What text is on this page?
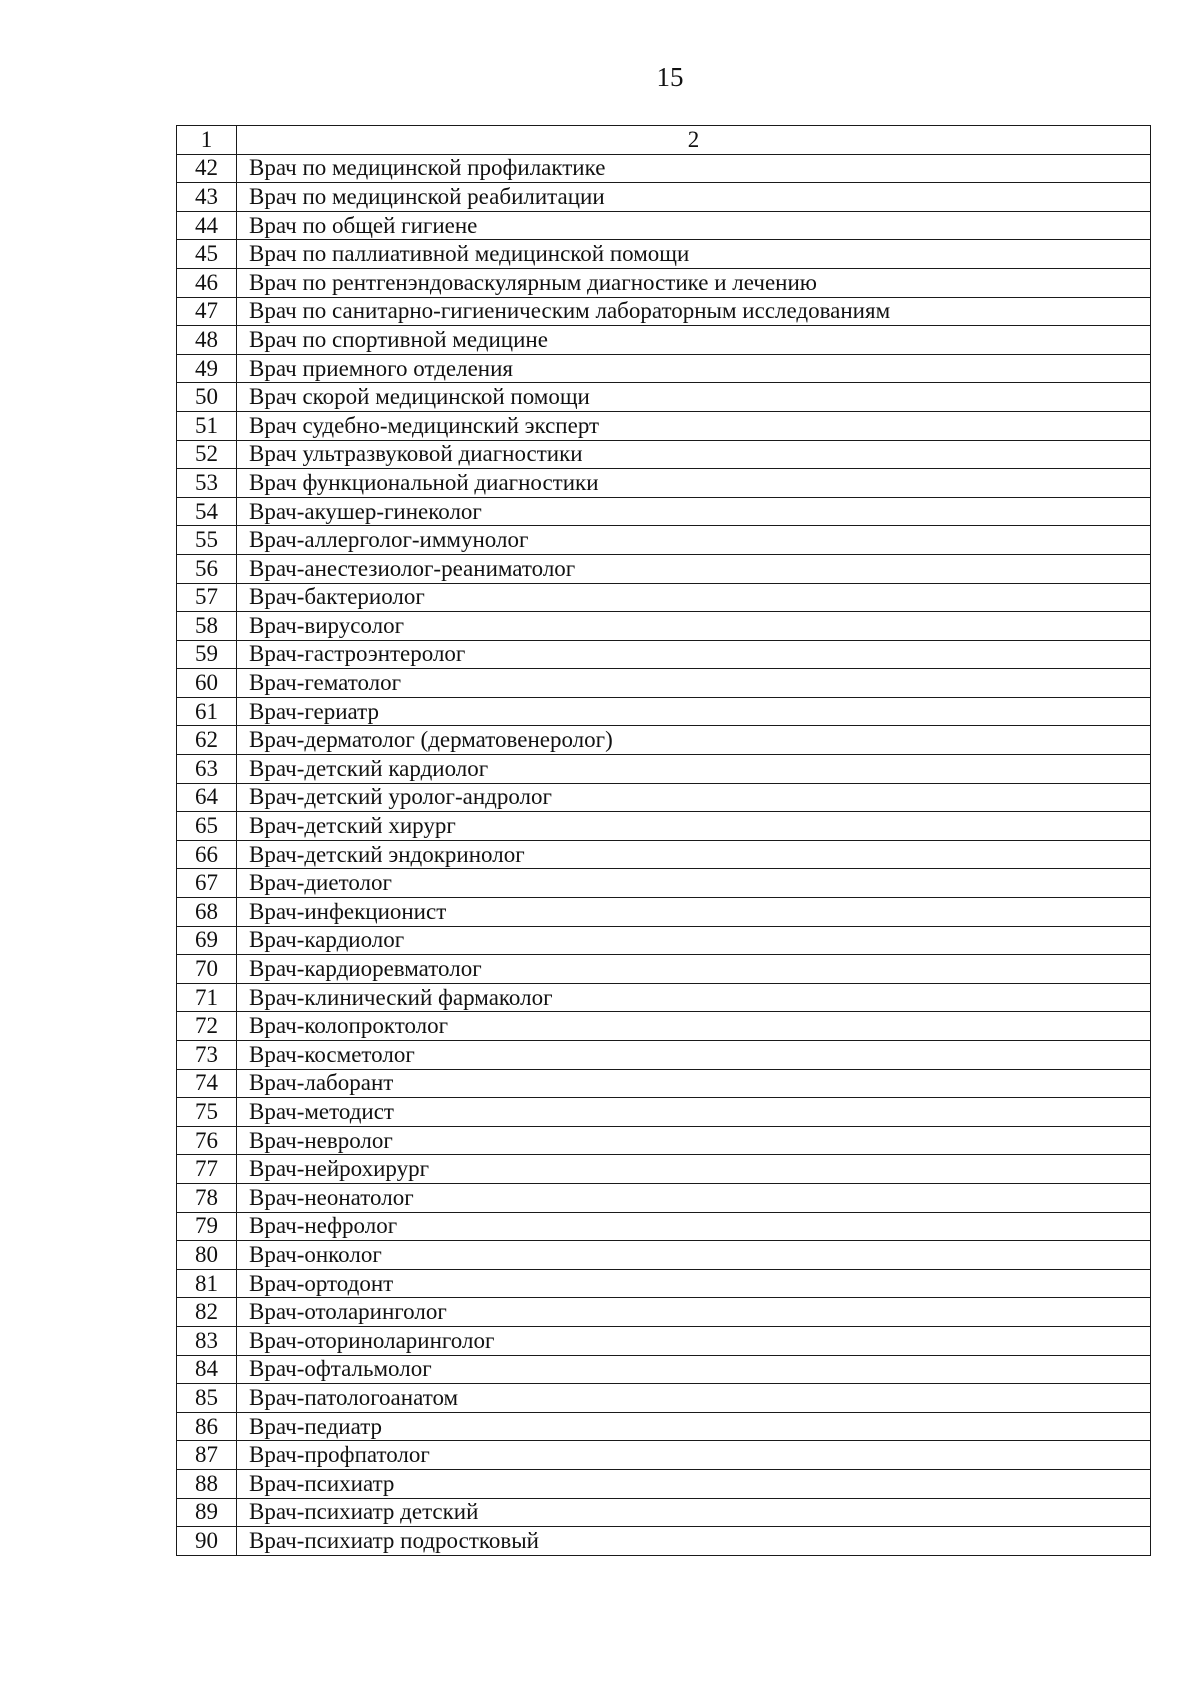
15
1	2
42	Врач по медицинской профилактике
43	Врач по медицинской реабилитации
44	Врач по общей гигиене
45	Врач по паллиативной медицинской помощи
46	Врач по рентгенэндоваскулярным диагностике и лечению
47	Врач по санитарно-гигиеническим лабораторным исследованиям
48	Врач по спортивной медицине
49	Врач приемного отделения
50	Врач скорой медицинской помощи
51	Врач судебно-медицинский эксперт
52	Врач ультразвуковой диагностики
53	Врач функциональной диагностики
54	Врач-акушер-гинеколог
55	Врач-аллерголог-иммунолог
56	Врач-анестезиолог-реаниматолог
57	Врач-бактериолог
58	Врач-вирусолог
59	Врач-гастроэнтеролог
60	Врач-гематолог
61	Врач-гериатр
62	Врач-дерматолог (дерматовенеролог)
63	Врач-детский кардиолог
64	Врач-детский уролог-андролог
65	Врач-детский хирург
66	Врач-детский эндокринолог
67	Врач-диетолог
68	Врач-инфекционист
69	Врач-кардиолог
70	Врач-кардиоревматолог
71	Врач-клинический фармаколог
72	Врач-колопроктолог
73	Врач-косметолог
74	Врач-лаборант
75	Врач-методист
76	Врач-невролог
77	Врач-нейрохирург
78	Врач-неонатолог
79	Врач-нефролог
80	Врач-онколог
81	Врач-ортодонт
82	Врач-отоларинголог
83	Врач-оториноларинголог
84	Врач-офтальмолог
85	Врач-патологоанатом
86	Врач-педиатр
87	Врач-профпатолог
88	Врач-психиатр
89	Врач-психиатр детский
90	Врач-психиатр подростковый
